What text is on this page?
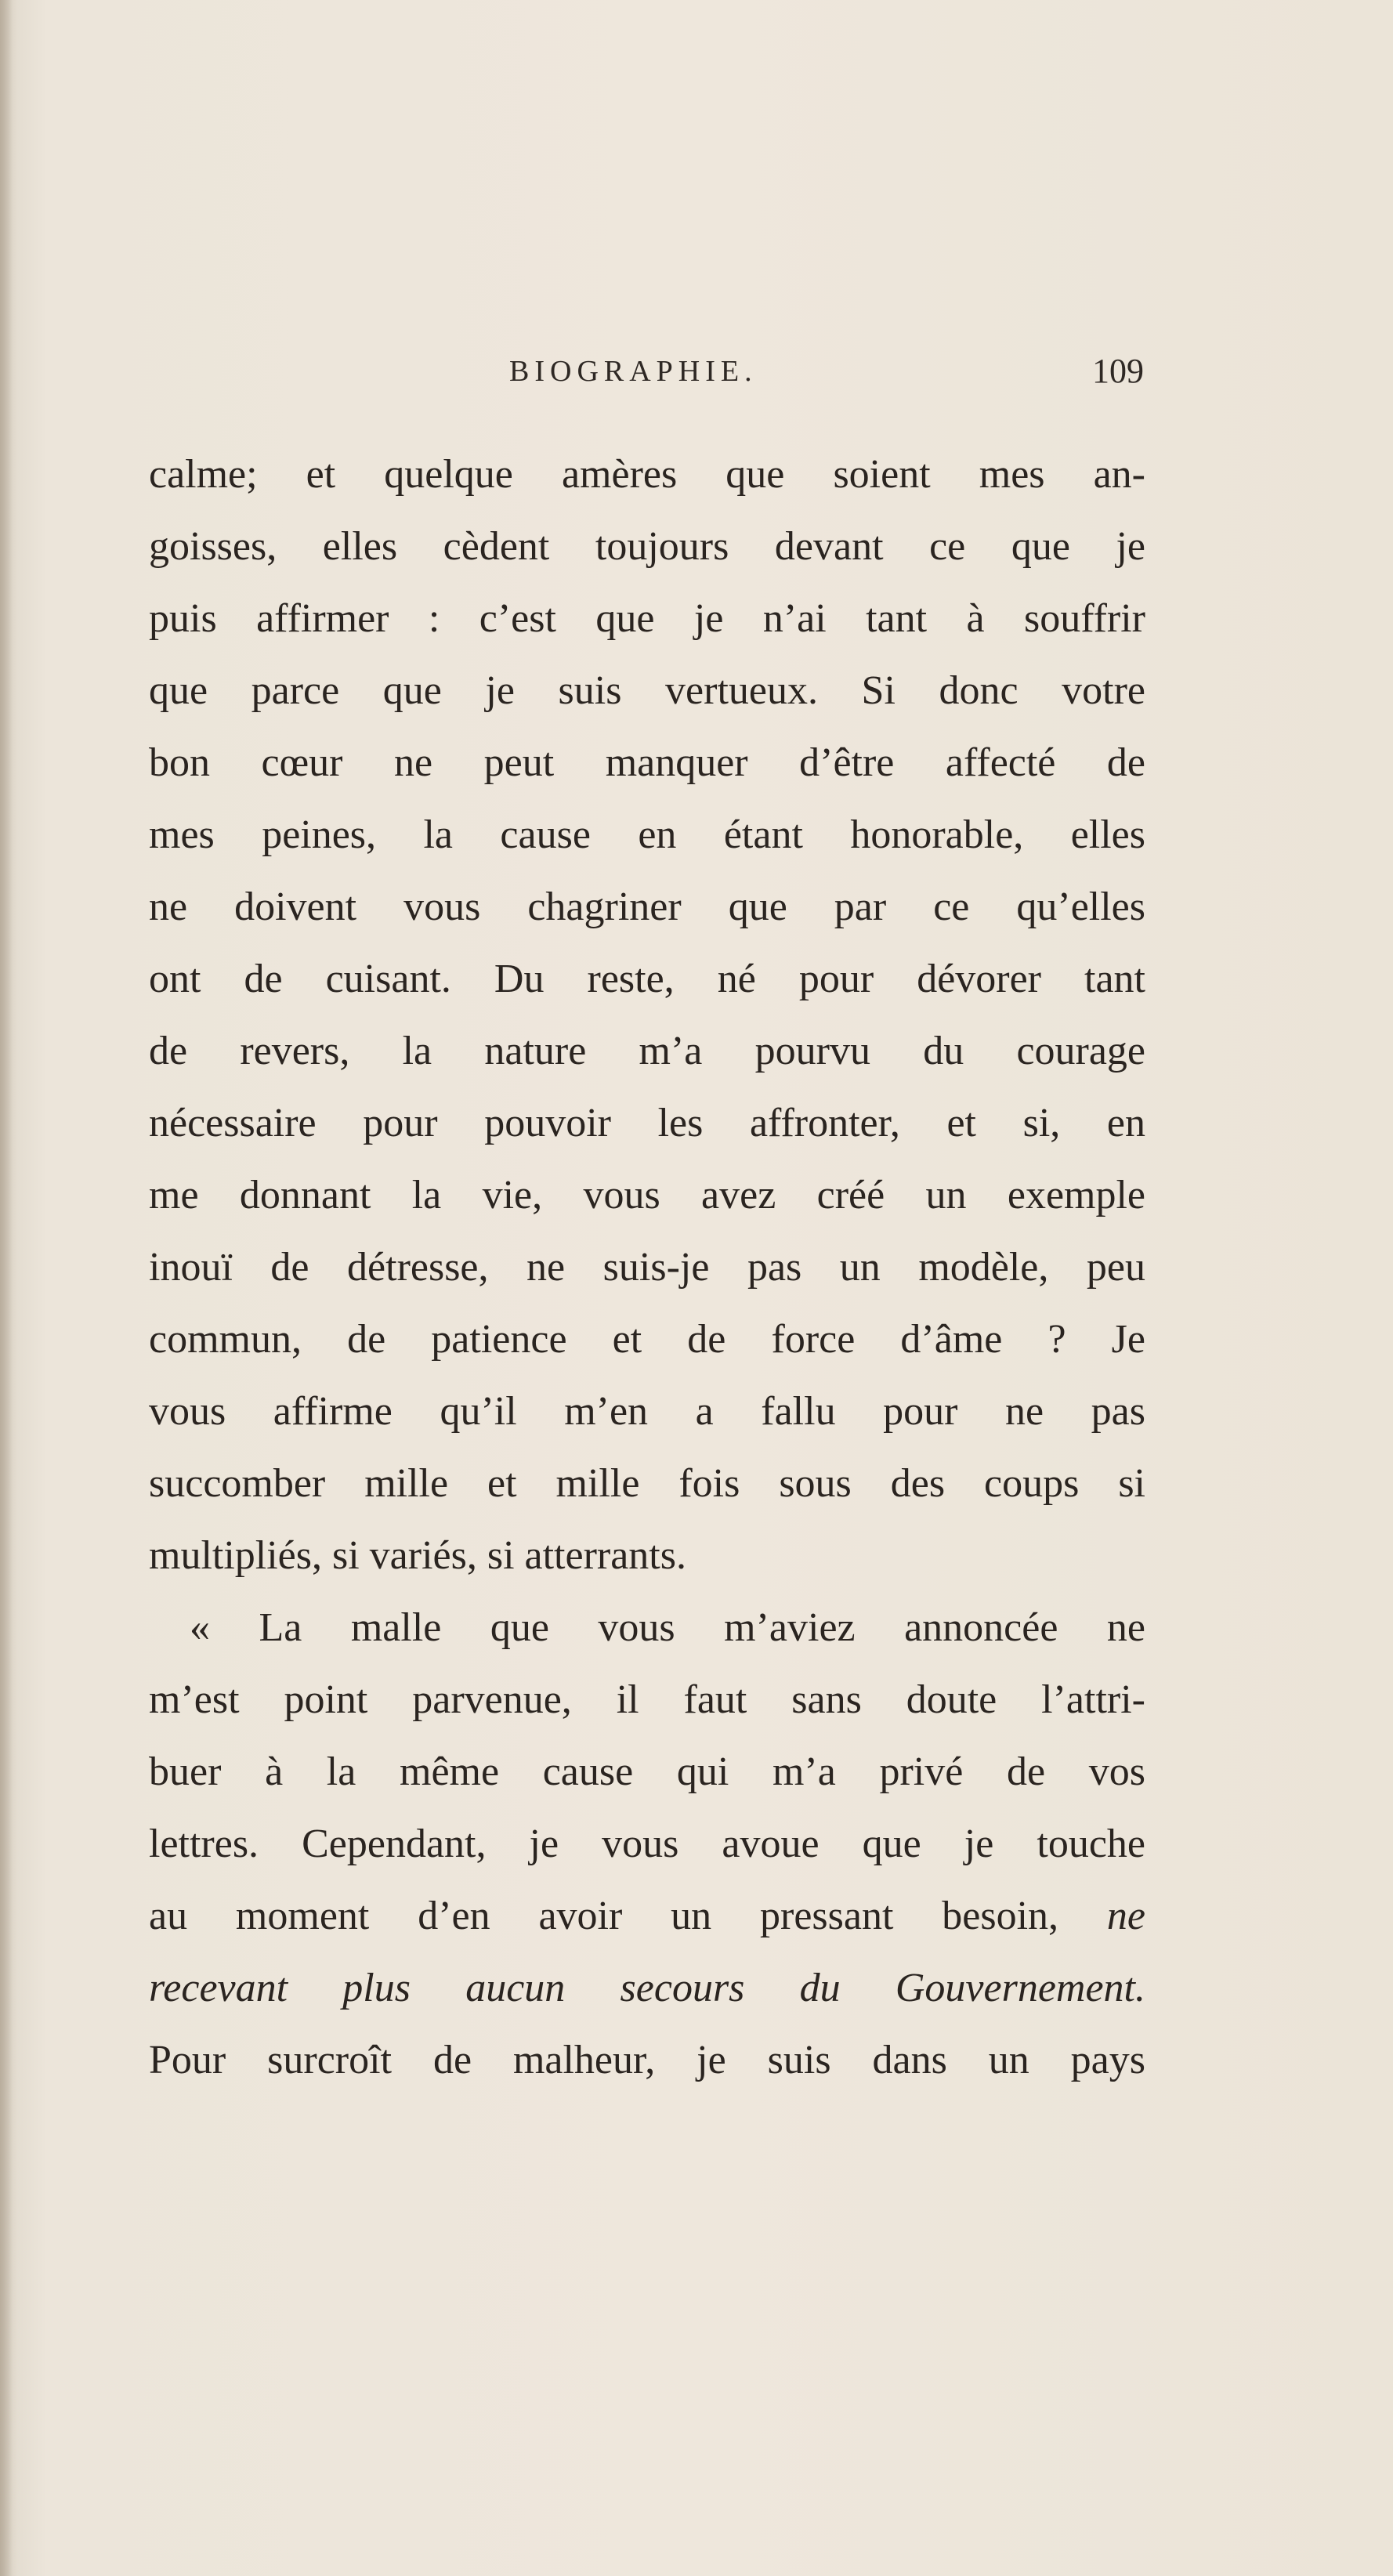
BIOGRAPHIE.	109
calme; et quelque amères que soient mes an-
goisses, elles cèdent toujours devant ce que je
puis affirmer : c’est que je n’ai tant à souffrir
que parce que je suis vertueux. Si donc votre
bon cœur ne peut manquer d’être affecté de
mes peines, la cause en étant honorable, elles
ne doivent vous chagriner que par ce qu’elles
ont de cuisant. Du reste, né pour dévorer tant
de revers, la nature m’a pourvu du courage
nécessaire pour pouvoir les affronter, et si, en
me donnant la vie, vous avez créé un exemple
inouï de détresse, ne suis-je pas un modèle, peu
commun, de patience et de force d’âme ? Je
vous affirme qu’il m’en a fallu pour ne pas
succomber mille et mille fois sous des coups si
multipliés, si variés, si atterrants.
« La malle que vous m’aviez annoncée ne
m’est point parvenue, il faut sans doute l’attri-
buer à la même cause qui m’a privé de vos
lettres. Cependant, je vous avoue que je touche
au moment d’en avoir un pressant besoin, ne
recevant plus aucun secours du Gouvernement.
Pour surcroît de malheur, je suis dans un pays
